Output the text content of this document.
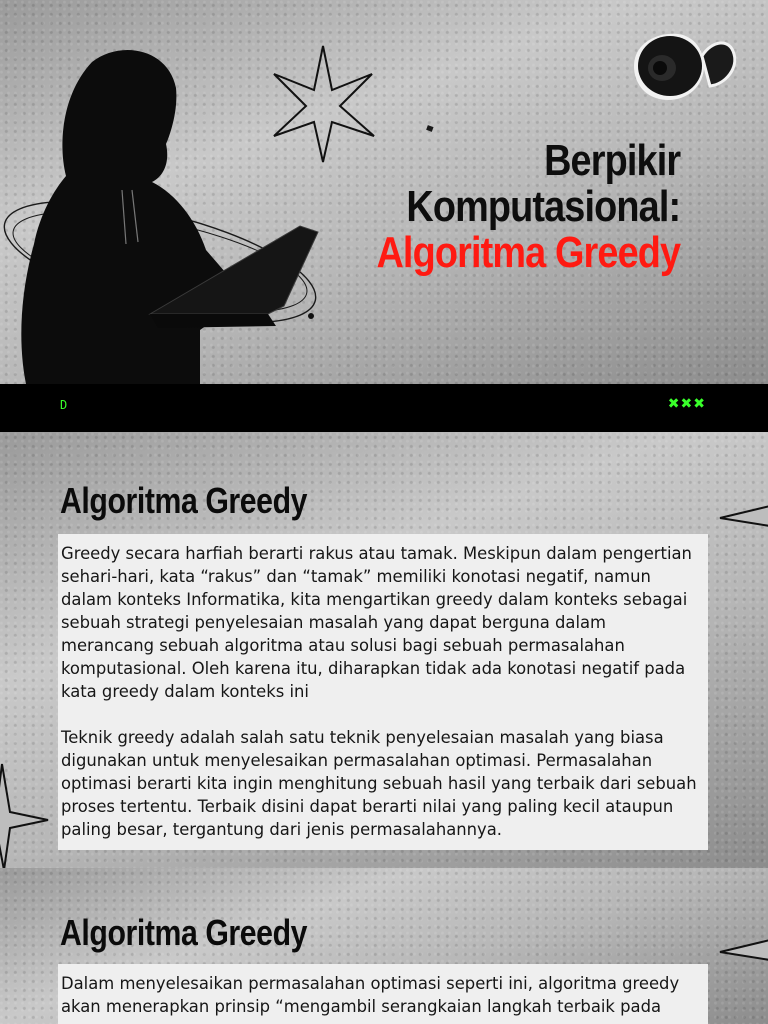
Berpikir
Komputasional:
Algoritma Greedy
D	✖✖✖
Algoritma Greedy

Greedy secara harfiah berarti rakus atau tamak. Meskipun dalam pengertian sehari-hari, kata “rakus” dan “tamak” memiliki konotasi negatif, namun dalam konteks Informatika, kita mengartikan greedy dalam konteks sebagai sebuah strategi penyelesaian masalah yang dapat berguna dalam merancang sebuah algoritma atau solusi bagi sebuah permasalahan komputasional. Oleh karena itu, diharapkan tidak ada konotasi negatif pada kata greedy dalam konteks ini

Teknik greedy adalah salah satu teknik penyelesaian masalah yang biasa digunakan untuk menyelesaikan permasalahan optimasi. Permasalahan optimasi berarti kita ingin menghitung sebuah hasil yang terbaik dari sebuah proses tertentu. Terbaik disini dapat berarti nilai yang paling kecil ataupun paling besar, tergantung dari jenis permasalahannya.

Algoritma Greedy

Dalam menyelesaikan permasalahan optimasi seperti ini, algoritma greedy akan menerapkan prinsip “mengambil serangkaian langkah terbaik pada
